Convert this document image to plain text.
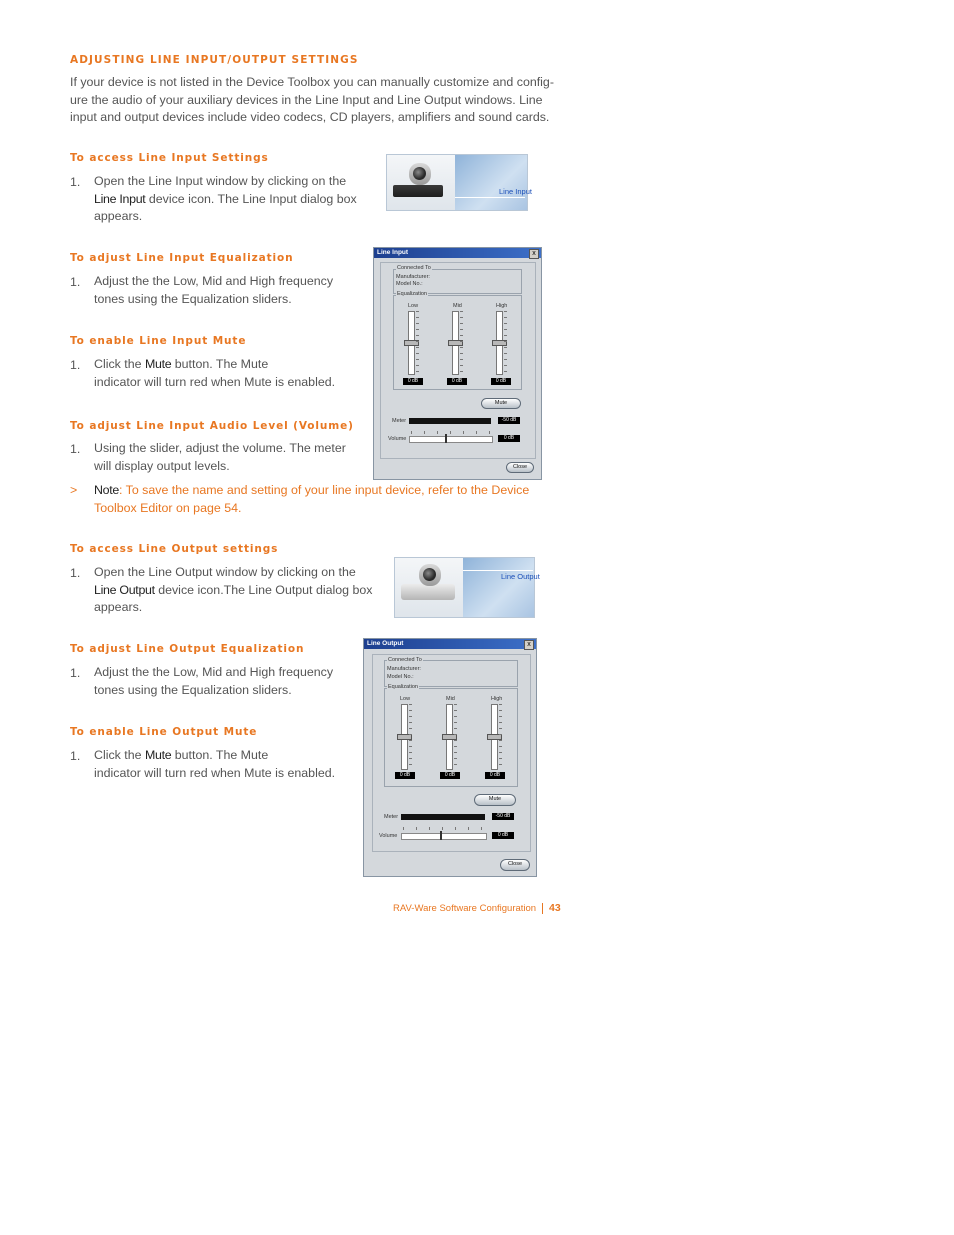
ADJUSTING LINE INPUT/OUTPUT SETTINGS
If your device is not listed in the Device Toolbox you can manually customize and config-ure the audio of your auxiliary devices in the Line Input and Line Output windows. Line input and output devices include video codecs, CD players, amplifiers and sound cards.
To access Line Input Settings
1. Open the Line Input window by clicking on the
Line Input device icon. The Line Input dialog box
appears.
Line Input
Line Input	x
Connected To
Manufacturer:
Model No.:
Equalization
Low	Mid	High
0 dB	0 dB	0 dB
Mute
Meter	-50 dB
Volume	0 dB
Close
To adjust Line Input Equalization
1. Adjust the the Low, Mid and High frequency
tones using the Equalization sliders.
To enable Line Input Mute
1. Click the Mute button. The Mute
indicator will turn red when Mute is enabled.
To adjust Line Input Audio Level (Volume)
1. Using the slider, adjust the volume. The meter
will display output levels.
> Note: To save the name and setting of your line input device, refer to the Device
Toolbox Editor on page 54.
To access Line Output settings
1. Open the Line Output window by clicking on the
Line Output device icon.The Line Output dialog box
appears.
Line Output
Line Output	x
Connected To
Manufacturer:
Model No.:
Equalization
Low	Mid	High
0 dB	0 dB	0 dB
Mute
Meter	-50 dB
Volume	0 dB
Close
To adjust Line Output Equalization
1. Adjust the the Low, Mid and High frequency
tones using the Equalization sliders.
To enable Line Output Mute
1. Click the Mute button. The Mute
indicator will turn red when Mute is enabled.
RAV-Ware Software Configuration 43
